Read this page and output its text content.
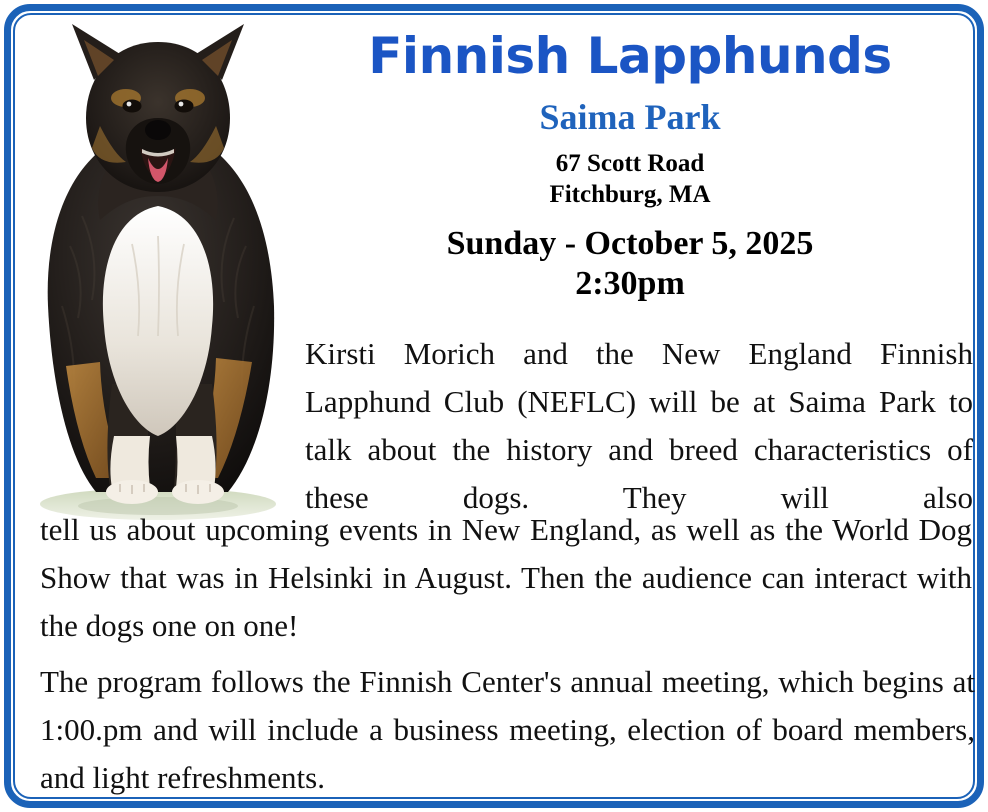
Finnish Lapphunds
Saima Park
67 Scott Road
Fitchburg, MA
Sunday - October 5, 2025
2:30pm
Kirsti Morich and the New England Finnish Lapphund Club (NEFLC) will be at Saima Park to talk about the history and breed characteristics of these dogs. They will also
tell us about upcoming events in New England, as well as the World Dog Show that was in Helsinki in August. Then the audience can interact with the dogs one on one!
The program follows the Finnish Center's annual meeting, which begins at 1:00.pm and will include a business meeting, election of board members, and light refreshments.
